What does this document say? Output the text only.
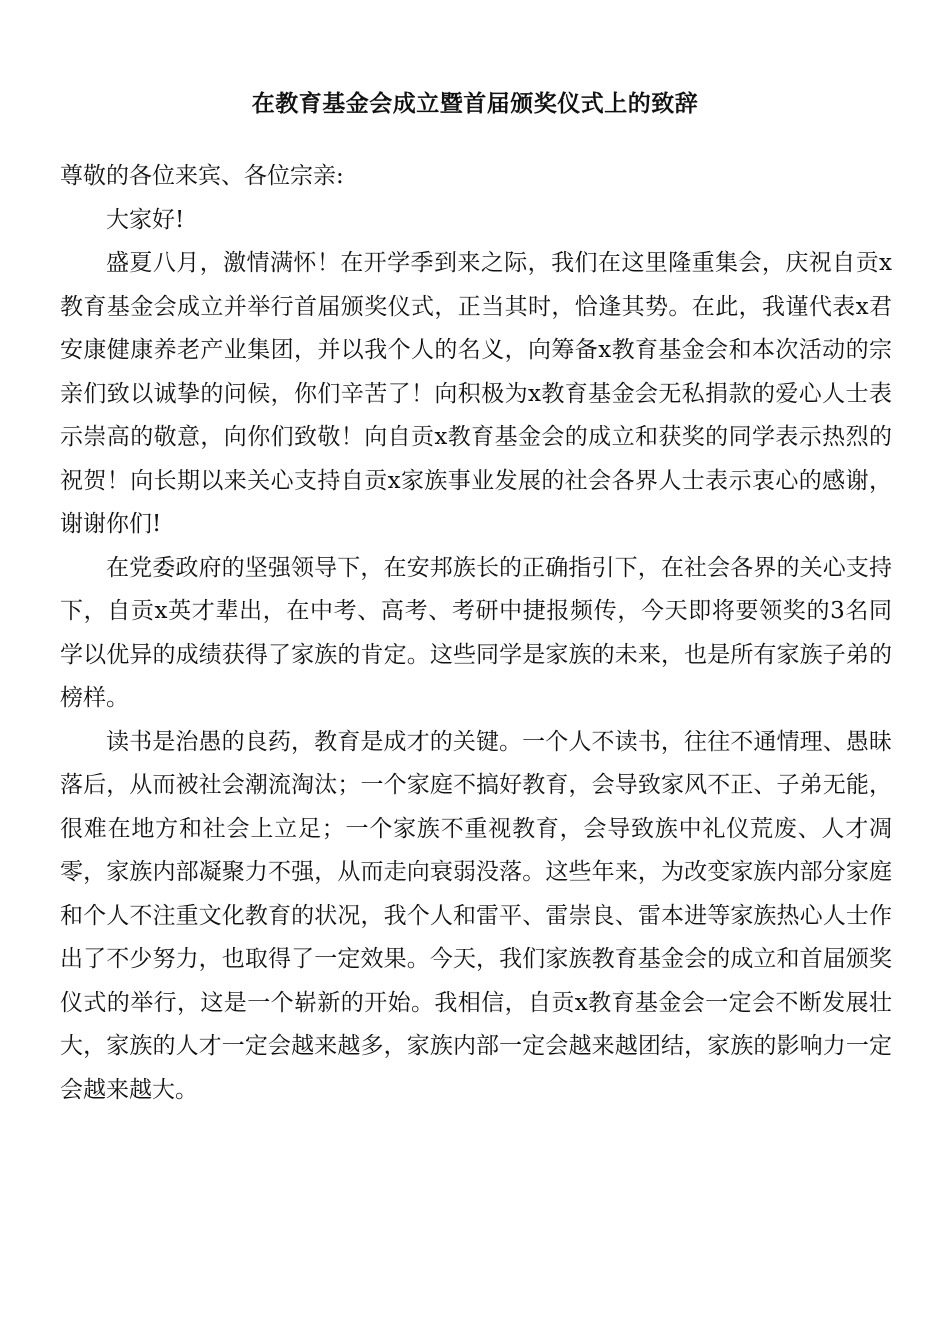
在教育基金会成立暨首届颁奖仪式上的致辞

尊敬的各位来宾、各位宗亲:

大家好!

盛夏八月，激情满怀！在开学季到来之际，我们在这里隆重集会，庆祝自贡x教育基金会成立并举行首届颁奖仪式，正当其时，恰逢其势。在此，我谨代表x君安康健康养老产业集团，并以我个人的名义，向筹备x教育基金会和本次活动的宗亲们致以诚挚的问候，你们辛苦了！向积极为x教育基金会无私捐款的爱心人士表示崇高的敬意，向你们致敬！向自贡x教育基金会的成立和获奖的同学表示热烈的祝贺！向长期以来关心支持自贡x家族事业发展的社会各界人士表示衷心的感谢，谢谢你们!

在党委政府的坚强领导下，在安邦族长的正确指引下，在社会各界的关心支持下，自贡x英才辈出，在中考、高考、考研中捷报频传，今天即将要领奖的3名同学以优异的成绩获得了家族的肯定。这些同学是家族的未来，也是所有家族子弟的榜样。

读书是治愚的良药，教育是成才的关键。一个人不读书，往往不通情理、愚昧落后，从而被社会潮流淘汰；一个家庭不搞好教育，会导致家风不正、子弟无能，很难在地方和社会上立足；一个家族不重视教育，会导致族中礼仪荒废、人才凋零，家族内部凝聚力不强，从而走向衰弱没落。这些年来，为改变家族内部分家庭和个人不注重文化教育的状况，我个人和雷平、雷崇良、雷本进等家族热心人士作出了不少努力，也取得了一定效果。今天，我们家族教育基金会的成立和首届颁奖仪式的举行，这是一个崭新的开始。我相信，自贡x教育基金会一定会不断发展壮大，家族的人才一定会越来越多，家族内部一定会越来越团结，家族的影响力一定会越来越大。
